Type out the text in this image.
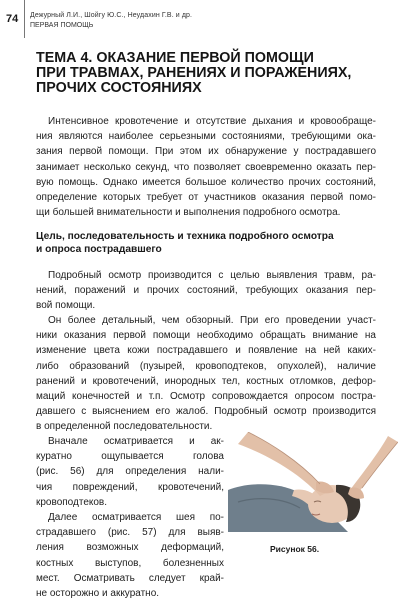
74 Дежурный Л.И., Шойгу Ю.С., Неудахин Г.В. и др.
ПЕРВАЯ ПОМОЩЬ
ТЕМА 4. ОКАЗАНИЕ ПЕРВОЙ ПОМОЩИ
ПРИ ТРАВМАХ, РАНЕНИЯХ И ПОРАЖЕНИЯХ,
ПРОЧИХ СОСТОЯНИЯХ
Интенсивное кровотечение и отсутствие дыхания и кровообраще-
ния являются наиболее серьезными состояниями, требующими ока-
зания первой помощи. При этом их обнаружение у пострадавшего
занимает несколько секунд, что позволяет своевременно оказать пер-
вую помощь. Однако имеется большое количество прочих состояний,
определение которых требует от участников оказания первой помо-
щи большей внимательности и выполнения подробного осмотра.
Цель, последовательность и техника подробного осмотра
и опроса пострадавшего
Подробный осмотр производится с целью выявления травм, ра-
нений, поражений и прочих состояний, требующих оказания пер-
вой помощи.
Он более детальный, чем обзорный. При его проведении участ-
ники оказания первой помощи необходимо обращать внимание на
изменение цвета кожи пострадавшего и появление на ней каких-
либо образований (пузырей, кровоподтеков, опухолей), наличие
ранений и кровотечений, инородных тел, костных отломков, дефор-
маций конечностей и т.п. Осмотр сопровождается опросом постра-
давшего с выяснением его жалоб. Подробный осмотр производится
в определенной последовательности.
Вначале осматривается и ак-
куратно ощупывается голова
(рис. 56) для определения нали-
чия повреждений, кровотечений,
кровоподтеков.
Далее осматривается шея по-
страдавшего (рис. 57) для выяв-
ления возможных деформаций,
костных выступов, болезненных
мест. Осматривать следует край-
не осторожно и аккуратно.
Рисунок 56.
